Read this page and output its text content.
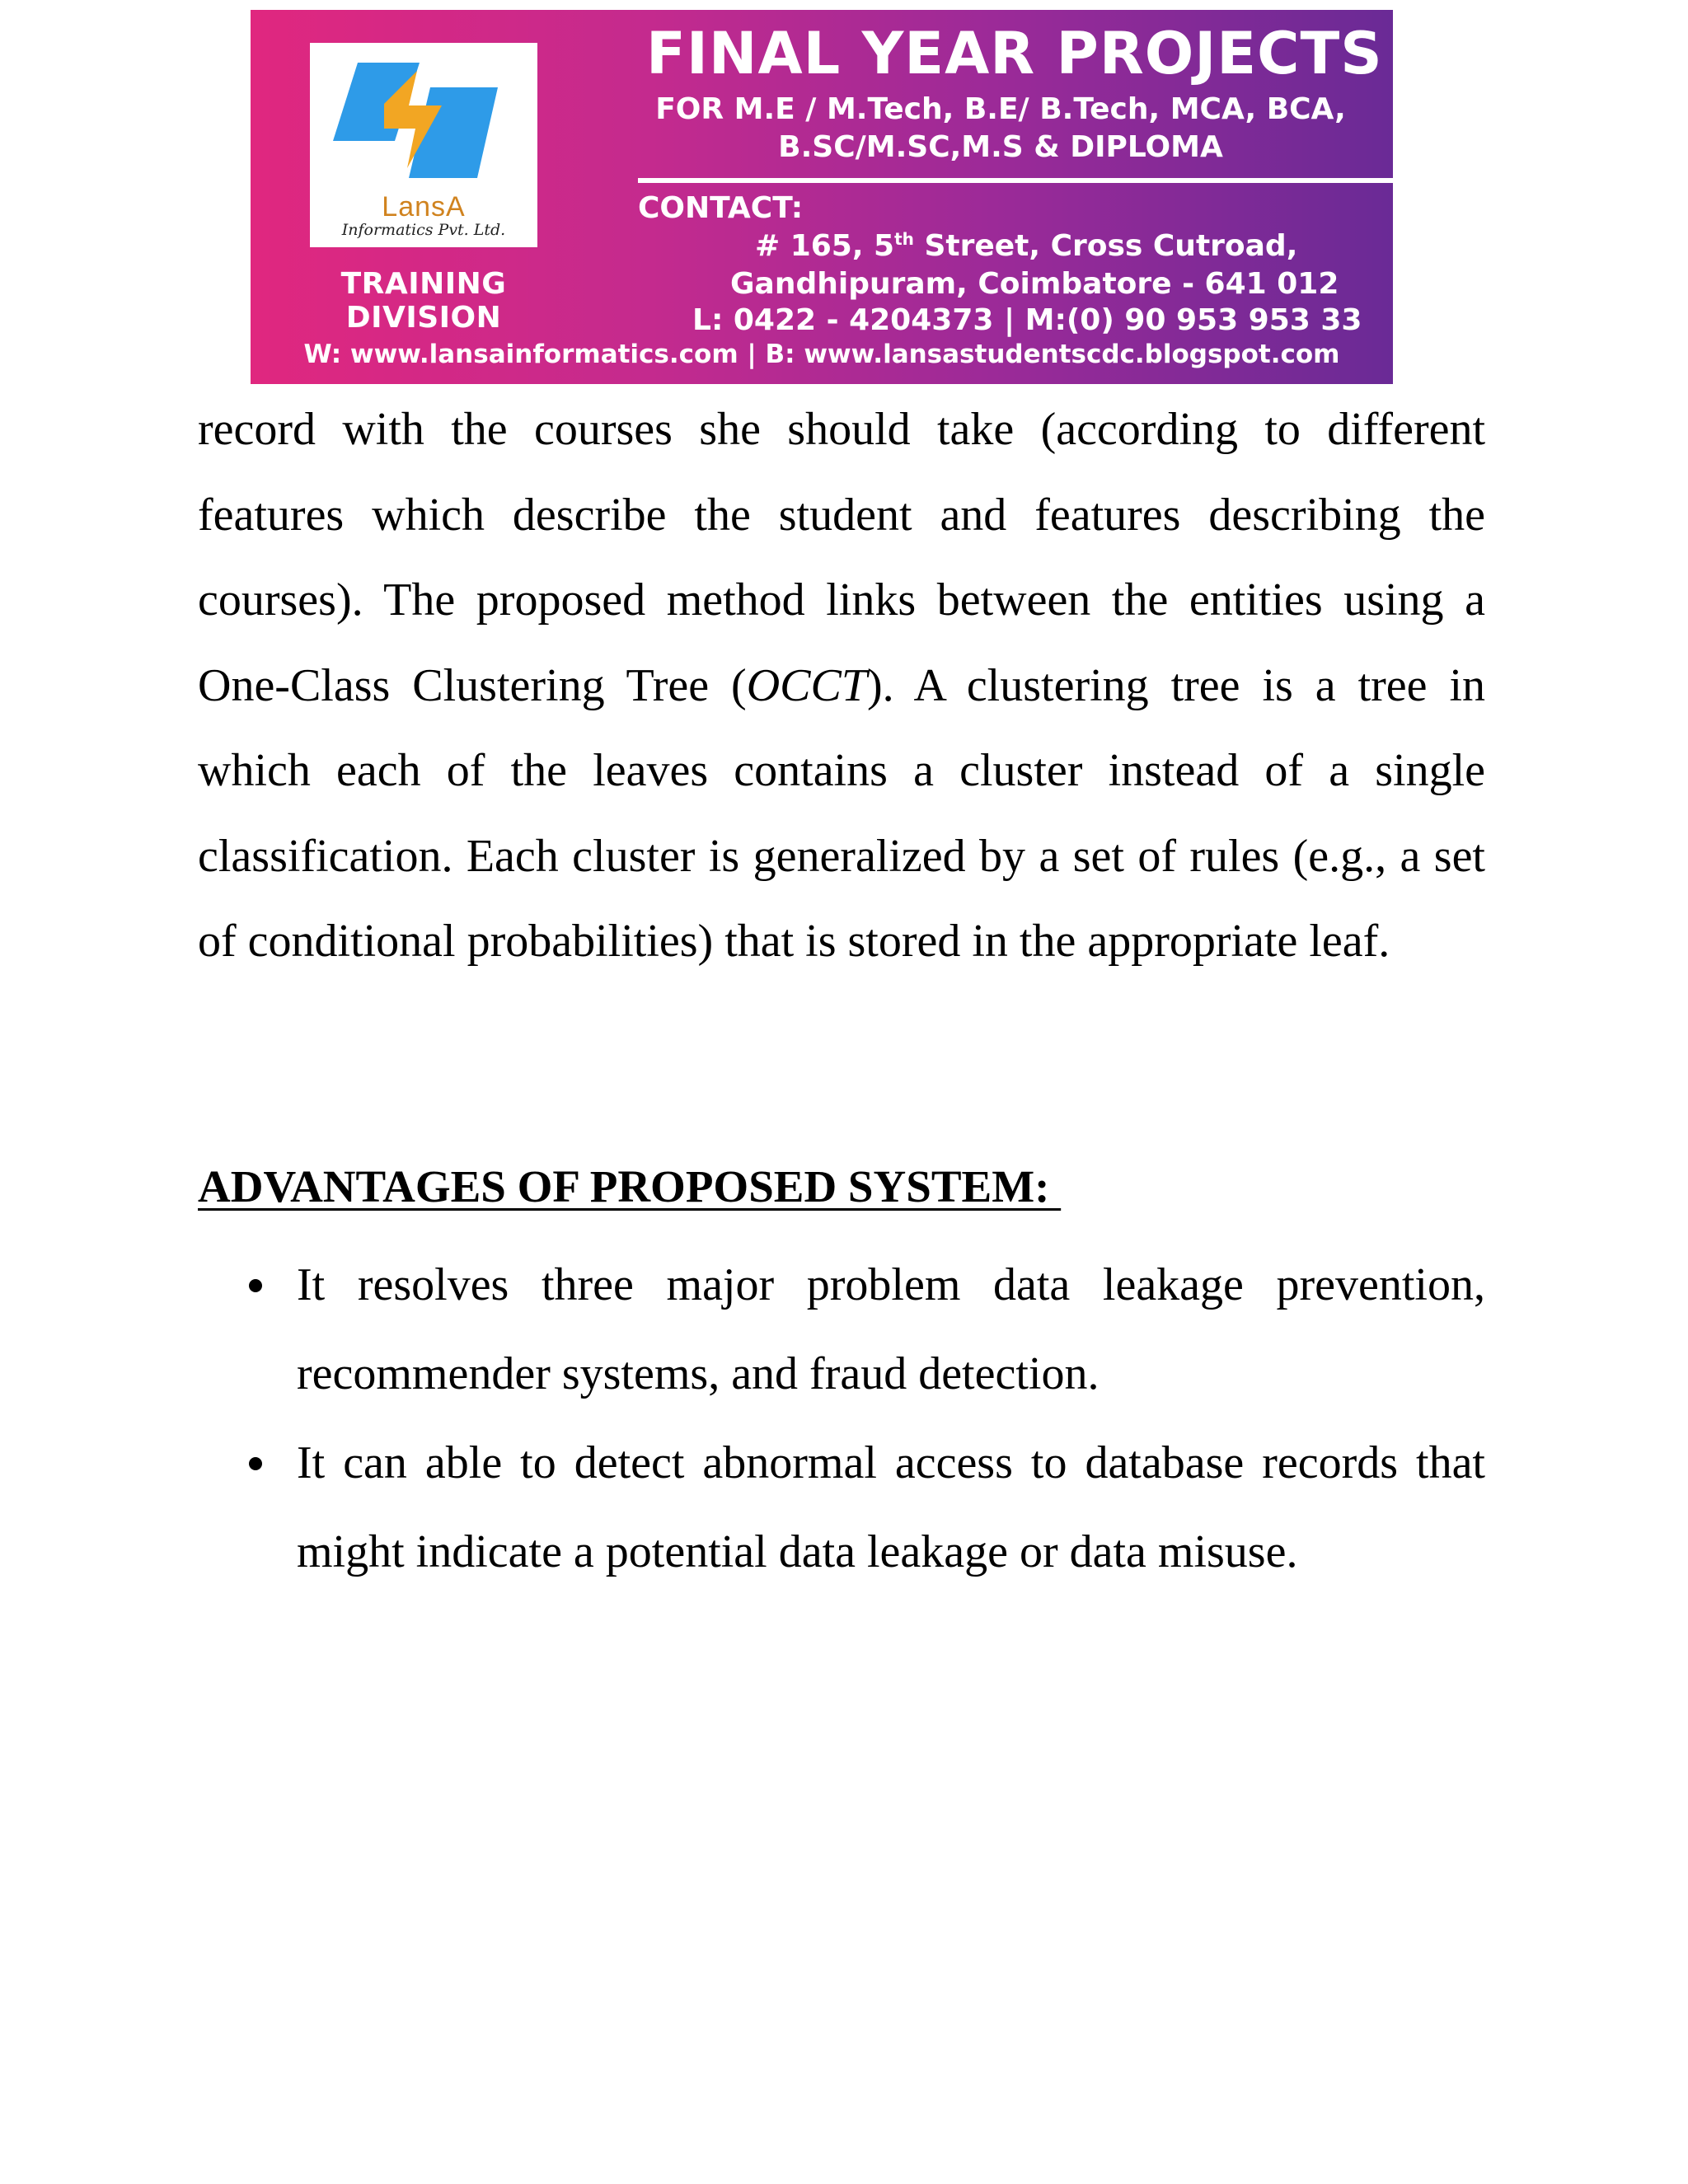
LansA
Informatics Pvt. Ltd.
TRAINING DIVISION
FINAL YEAR PROJECTS
FOR M.E / M.Tech, B.E/ B.Tech, MCA, BCA,
B.SC/M.SC,M.S & DIPLOMA
CONTACT:
# 165, 5th Street, Cross Cutroad,
Gandhipuram, Coimbatore - 641 012
L: 0422 - 4204373 | M:(0) 90 953 953 33
W: www.lansainformatics.com | B: www.lansastudentscdc.blogspot.com

record with the courses she should take (according to different features which describe the student and features describing the courses). The proposed method links between the entities using a One-Class Clustering Tree (OCCT). A clustering tree is a tree in which each of the leaves contains a cluster instead of a single classification. Each cluster is generalized by a set of rules (e.g., a set of conditional probabilities) that is stored in the appropriate leaf.

ADVANTAGES OF PROPOSED SYSTEM:
It resolves three major problem data leakage prevention, recommender systems, and fraud detection.
It can able to detect abnormal access to database records that might indicate a potential data leakage or data misuse.
